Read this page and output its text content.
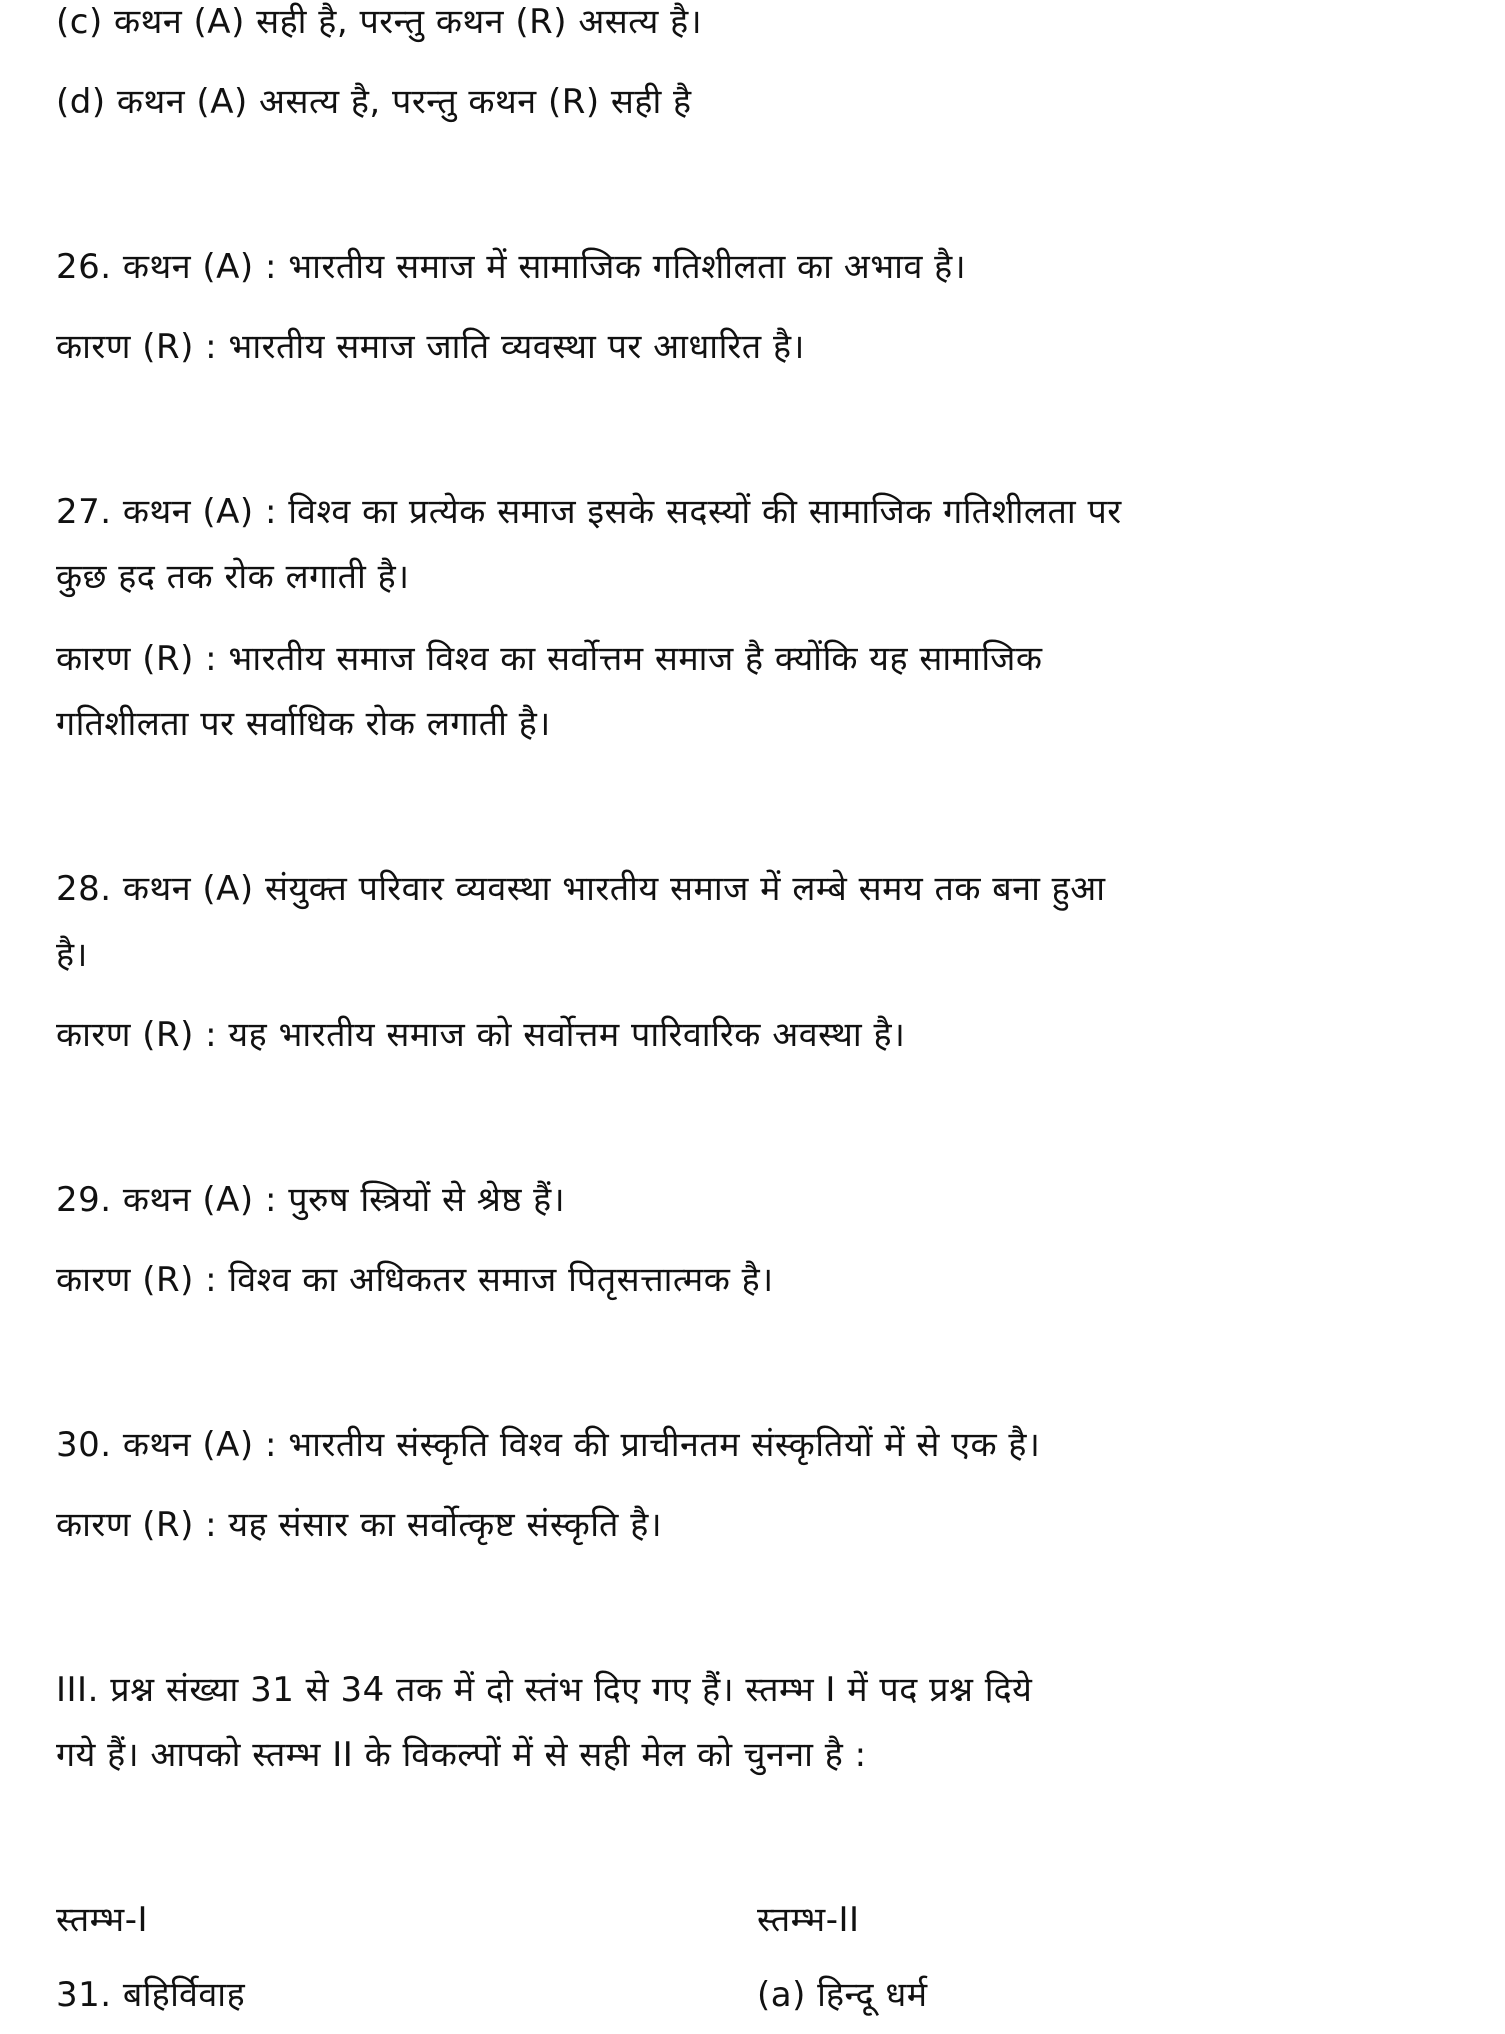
(c) कथन (A) सही है, परन्तु कथन (R) असत्य है।
(d) कथन (A) असत्य है, परन्तु कथन (R) सही है
26. कथन (A) : भारतीय समाज में सामाजिक गतिशीलता का अभाव है।
कारण (R) : भारतीय समाज जाति व्यवस्था पर आधारित है।
27. कथन (A) : विश्व का प्रत्येक समाज इसके सदस्यों की सामाजिक गतिशीलता पर
कुछ हद तक रोक लगाती है।
कारण (R) : भारतीय समाज विश्व का सर्वोत्तम समाज है क्योंकि यह सामाजिक
गतिशीलता पर सर्वाधिक रोक लगाती है।
28. कथन (A) संयुक्त परिवार व्यवस्था भारतीय समाज में लम्बे समय तक बना हुआ
है।
कारण (R) : यह भारतीय समाज को सर्वोत्तम पारिवारिक अवस्था है।
29. कथन (A) : पुरुष स्त्रियों से श्रेष्ठ हैं।
कारण (R) : विश्व का अधिकतर समाज पितृसत्तात्मक है।
30. कथन (A) : भारतीय संस्कृति विश्व की प्राचीनतम संस्कृतियों में से एक है।
कारण (R) : यह संसार का सर्वोत्कृष्ट संस्कृति है।
III. प्रश्न संख्या 31 से 34 तक में दो स्तंभ दिए गए हैं। स्तम्भ I में पद प्रश्न दिये
गये हैं। आपको स्तम्भ II के विकल्पों में से सही मेल को चुनना है :
स्तम्भ-I	स्तम्भ-II
31. बहिर्विवाह	(a) हिन्दू धर्म
